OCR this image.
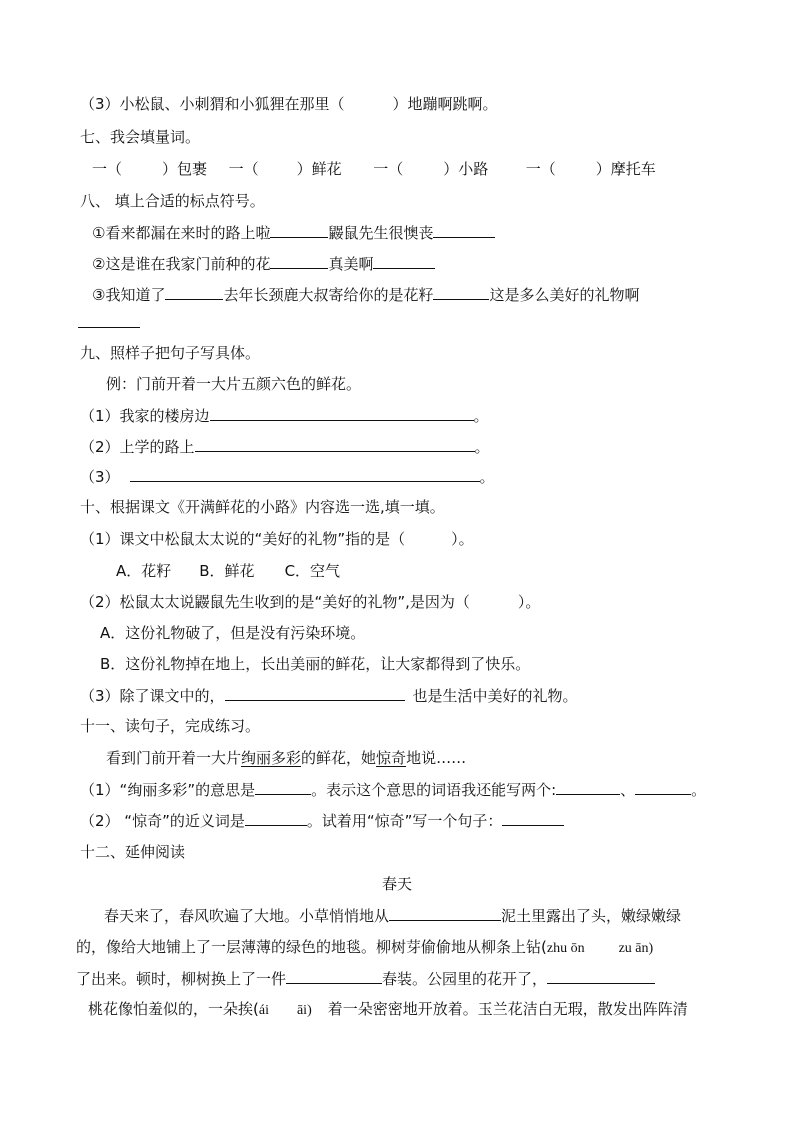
（3）小松鼠、小刺猬和小狐狸在那里（	）地蹦啊跳啊。
七、我会填量词。
一（	）包裹 一（	）鲜花 一（	）小路	一（	）摩托车
八、 填上合适的标点符号。
①看来都漏在来时的路上啦	鼹鼠先生很懊丧
②这是谁在我家门前种的花	真美啊
③我知道了	去年长颈鹿大叔寄给你的是花籽	这是多么美好的礼物啊
九、照样子把句子写具体。
例：门前开着一大片五颜六色的鲜花。
（1）我家的楼房边	。
（2）上学的路上	。
（3）	。
十、根据课文《开满鲜花的小路》内容选一选,填一填。
（1）课文中松鼠太太说的“美好的礼物”指的是（	）。
A．花籽 B．鲜花 C．空气
（2）松鼠太太说鼹鼠先生收到的是“美好的礼物”,是因为（	）。
A．这份礼物破了，但是没有污染环境。
B．这份礼物掉在地上，长出美丽的鲜花，让大家都得到了快乐。
（3）除了课文中的，	也是生活中美好的礼物。
十一、读句子，完成练习。
看到门前开着一大片绚丽多彩的鲜花，她惊奇地说……
（1）“绚丽多彩”的意思是	。表示这个意思的词语我还能写两个:	、	。
（2） “惊奇”的近义词是	。试着用“惊奇”写一个句子：
十二、延伸阅读
春天
春天来了，春风吹遍了大地。小草悄悄地从	泥土里露出了头，嫩绿嫩绿
的，像给大地铺上了一层薄薄的绿色的地毯。柳树芽偷偷地从柳条上钻(zhu ōn zu ān)
了出来。顿时，柳树换上了一件	春装。公园里的花开了，
桃花像怕羞似的，一朵挨(ái āi) 着一朵密密地开放着。玉兰花洁白无瑕，散发出阵阵清
